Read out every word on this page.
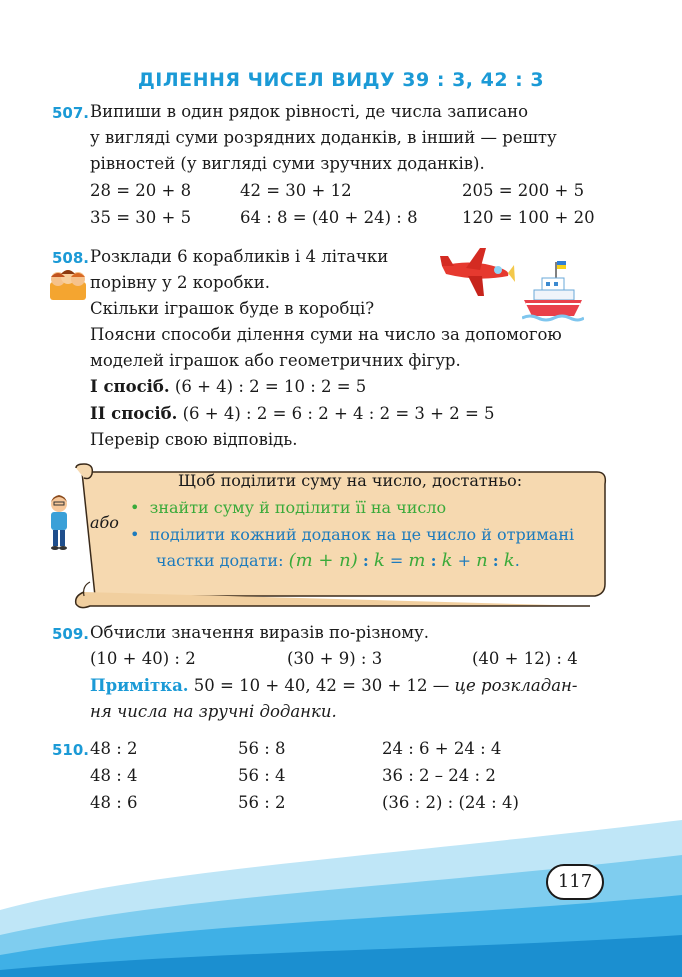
ДІЛЕННЯ ЧИСЕЛ ВИДУ 39 : 3, 42 : 3
507. Випиши в один рядок рівності, де числа записано
у вигляді суми розрядних доданків, в інший — решту
рівностей (у вигляді суми зручних доданків).
28 = 20 + 8	42 = 30 + 12	205 = 200 + 5
35 = 30 + 5	64 : 8 = (40 + 24) : 8	120 = 100 + 20
508. Розклади 6 корабликів і 4 літачки
порівну у 2 коробки.
Скільки іграшок буде в коробці?
Поясни способи ділення суми на число за допомогою
моделей іграшок або геометричних фігур.
I спосіб. (6 + 4) : 2 = 10 : 2 = 5
II спосіб. (6 + 4) : 2 = 6 : 2 + 4 : 2 = 3 + 2 = 5
Перевір свою відповідь.
Щоб поділити суму на число, достатньо:
або
•  знайти суму й поділити її на число
•  поділити кожний доданок на це число й отримані
частки додати: (m + n) : k = m : k + n : k.
509. Обчисли значення виразів по-різному.
(10 + 40) : 2	(30 + 9) : 3	(40 + 12) : 4
Примітка. 50 = 10 + 40, 42 = 30 + 12 — це розкладан-
ня числа на зручні доданки.
510. 48 : 2	56 : 8	24 : 6 + 24 : 4
48 : 4	56 : 4	36 : 2 – 24 : 2
48 : 6	56 : 2	(36 : 2) : (24 : 4)
117
